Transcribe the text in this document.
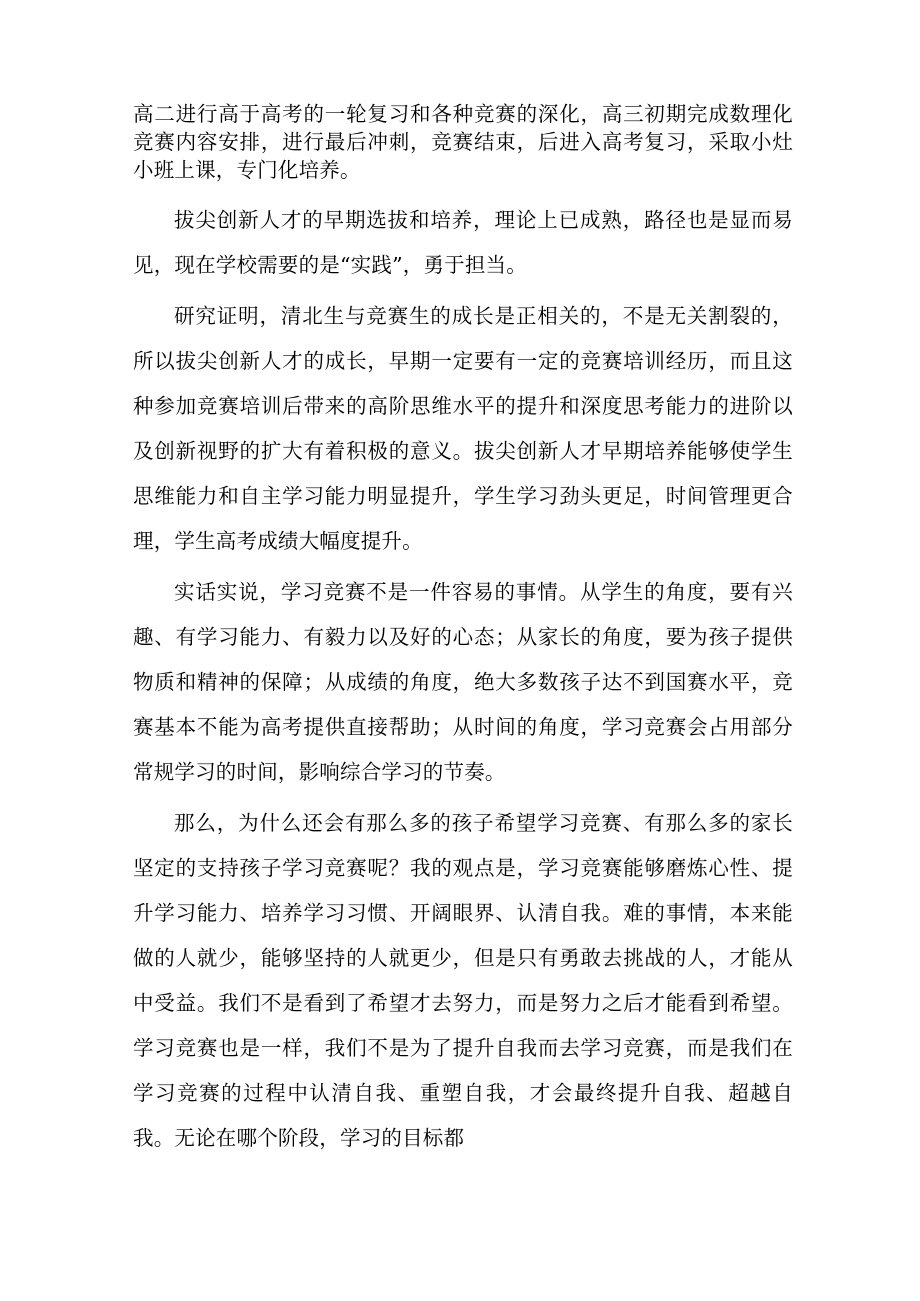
高二进行高于高考的一轮复习和各种竞赛的深化，高三初期完成数理化竞赛内容安排，进行最后冲刺，竞赛结束，后进入高考复习，采取小灶小班上课，专门化培养。

拔尖创新人才的早期选拔和培养，理论上已成熟，路径也是显而易见，现在学校需要的是“实践”，勇于担当。

研究证明，清北生与竞赛生的成长是正相关的，不是无关割裂的，所以拔尖创新人才的成长，早期一定要有一定的竞赛培训经历，而且这种参加竞赛培训后带来的高阶思维水平的提升和深度思考能力的进阶以及创新视野的扩大有着积极的意义。拔尖创新人才早期培养能够使学生思维能力和自主学习能力明显提升，学生学习劲头更足，时间管理更合理，学生高考成绩大幅度提升。

实话实说，学习竞赛不是一件容易的事情。从学生的角度，要有兴趣、有学习能力、有毅力以及好的心态；从家长的角度，要为孩子提供物质和精神的保障；从成绩的角度，绝大多数孩子达不到国赛水平，竞赛基本不能为高考提供直接帮助；从时间的角度，学习竞赛会占用部分常规学习的时间，影响综合学习的节奏。

那么，为什么还会有那么多的孩子希望学习竞赛、有那么多的家长坚定的支持孩子学习竞赛呢？我的观点是，学习竞赛能够磨炼心性、提升学习能力、培养学习习惯、开阔眼界、认清自我。难的事情，本来能做的人就少，能够坚持的人就更少，但是只有勇敢去挑战的人，才能从中受益。我们不是看到了希望才去努力，而是努力之后才能看到希望。学习竞赛也是一样，我们不是为了提升自我而去学习竞赛，而是我们在学习竞赛的过程中认清自我、重塑自我，才会最终提升自我、超越自我。无论在哪个阶段，学习的目标都
